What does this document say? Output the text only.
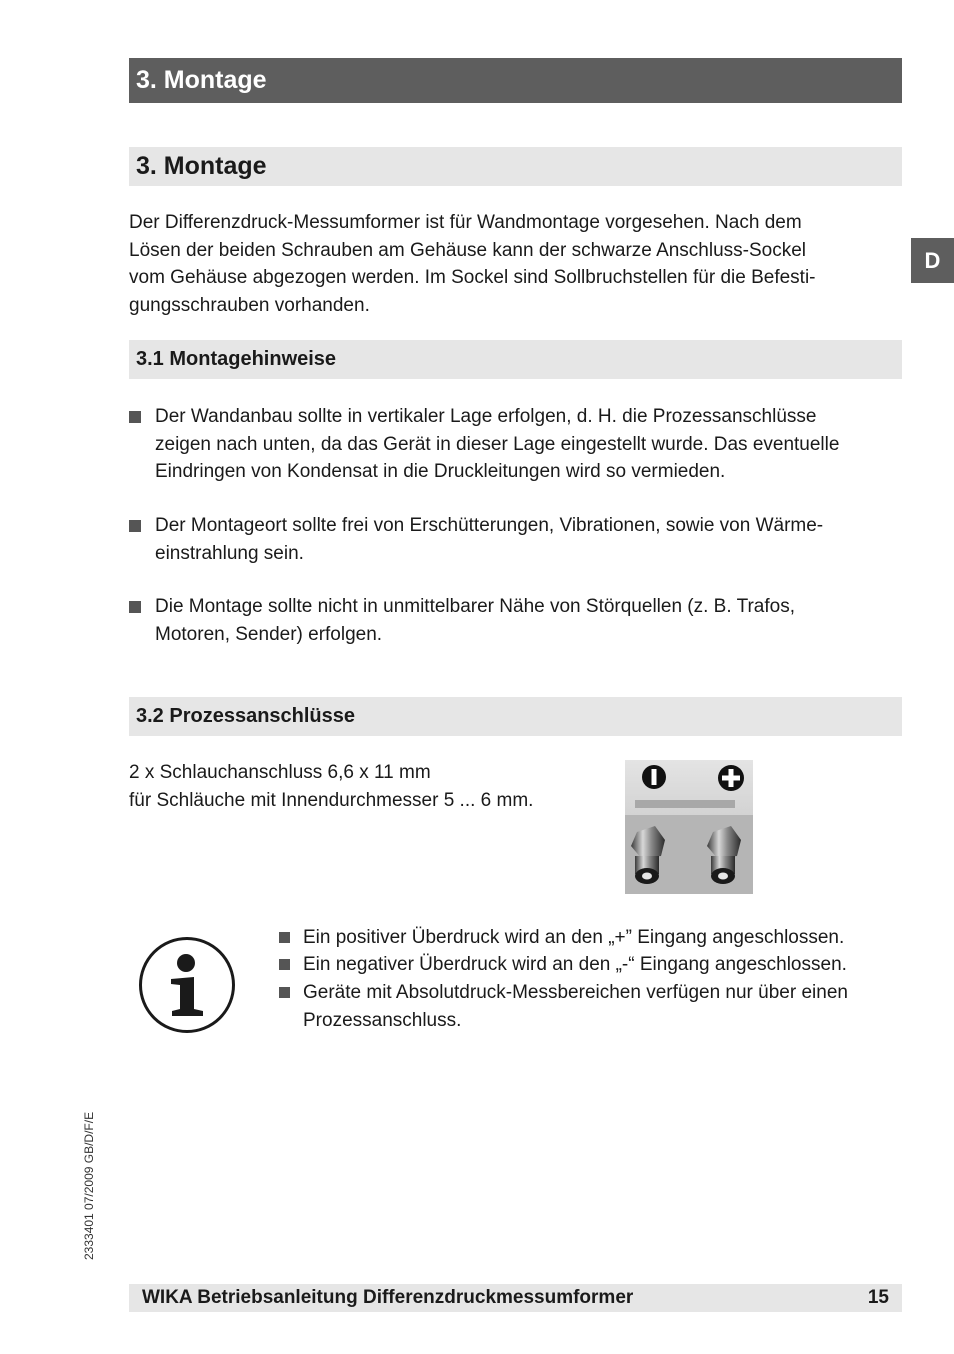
3. Montage
D
3. Montage

Der Differenzdruck-Messumformer ist für Wandmontage vorgesehen. Nach dem
Lösen der beiden Schrauben am Gehäuse kann der schwarze Anschluss-Sockel
vom Gehäuse abgezogen werden. Im Sockel sind Sollbruchstellen für die Befesti-
gungsschrauben vorhanden.

3.1 Montagehinweise
Der Wandanbau sollte in vertikaler Lage erfolgen, d. H. die Prozessanschlüsse
zeigen nach unten, da das Gerät in dieser Lage eingestellt wurde. Das eventuelle
Eindringen von Kondensat in die Druckleitungen wird so vermieden.
Der Montageort sollte frei von Erschütterungen, Vibrationen, sowie von Wärme-
einstrahlung sein.
Die Montage sollte nicht in unmittelbarer Nähe von Störquellen (z. B. Trafos,
Motoren, Sender) erfolgen.
3.2 Prozessanschlüsse

2 x Schlauchanschluss 6,6 x 11 mm
für Schläuche mit Innendurchmesser 5 ... 6 mm.

Ein positiver Überdruck wird an den „+” Eingang angeschlossen.
Ein negativer Überdruck wird an den „-“ Eingang angeschlossen.
Geräte mit Absolutdruck-Messbereichen verfügen nur über einen
Prozessanschluss.
2333401 07/2009 GB/D/F/E
WIKA Betriebsanleitung Differenzdruckmessumformer	15
